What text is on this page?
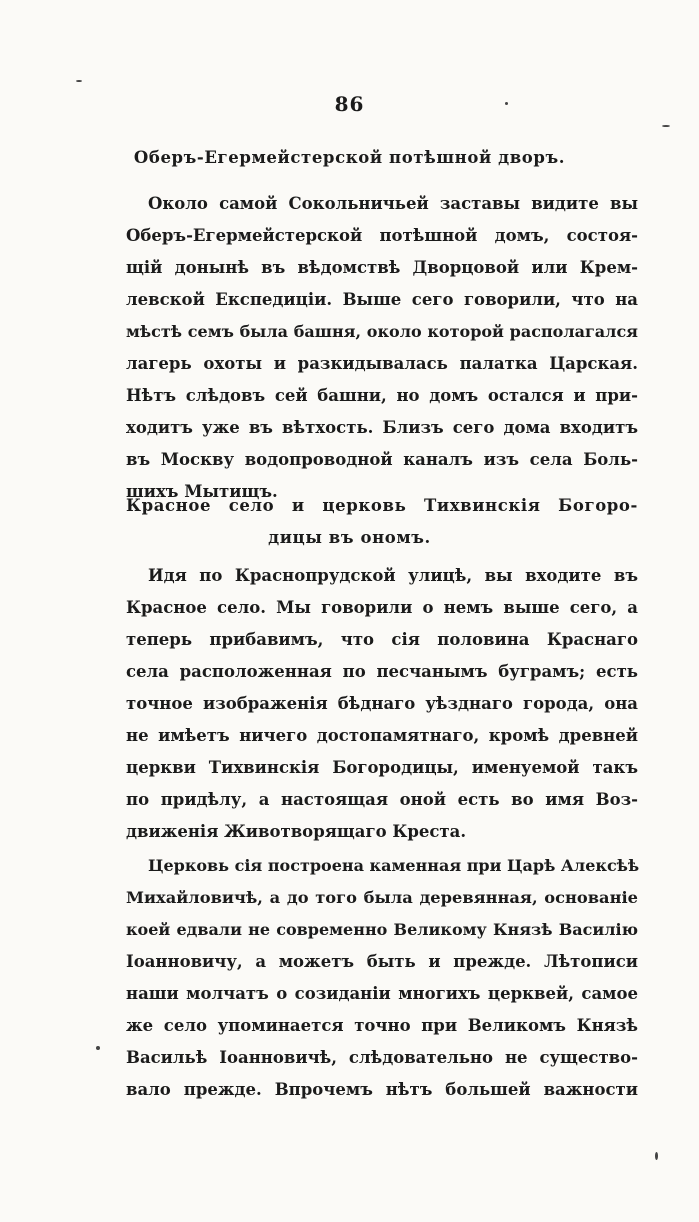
86
Оберъ-Егермейстерской потѣшной дворъ.
Около самой Сокольничьей заставы видите вы
Оберъ-Егермейстерской потѣшной домъ, состоя-
щій донынѣ въ вѣдомствѣ Дворцовой или Крем-
левской Експедиціи. Выше сего говорили, что на
мѣстѣ семъ была башня, около которой располагался
лагерь охоты и разкидывалась палатка Царская.
Нѣтъ слѣдовъ сей башни, но домъ остался и при-
ходитъ уже въ вѣтхость. Близъ сего дома входитъ
въ Москву водопроводной каналъ изъ села Боль-
шихъ Мытищъ.
Красное село и церковь Тихвинскія Богоро-
дицы въ ономъ.
Идя по Краснопрудской улицѣ, вы входите въ
Красное село. Мы говорили о немъ выше сего, а
теперь прибавимъ, что сія половина Краснаго
села расположенная по песчанымъ буграмъ; есть
точное изображенія бѣднаго уѣзднаго города, она
не имѣетъ ничего достопамятнаго, кромѣ древней
церкви Тихвинскія Богородицы, именуемой такъ
по придѣлу, а настоящая оной есть во имя Воз-
движенія Животворящаго Креста.
Церковь сія построена каменная при Царѣ Алексѣѣ
Михайловичѣ, а до того была деревянная, основаніе
коей едвали не современно Великому Князѣ Василію
Іоанновичу, а можетъ быть и прежде. Лѣтописи
наши молчатъ о созиданіи многихъ церквей, самое
же село упоминается точно при Великомъ Князѣ
Васильѣ Іоанновичѣ, слѣдовательно не существо-
вало прежде. Впрочемъ нѣтъ большей важности
